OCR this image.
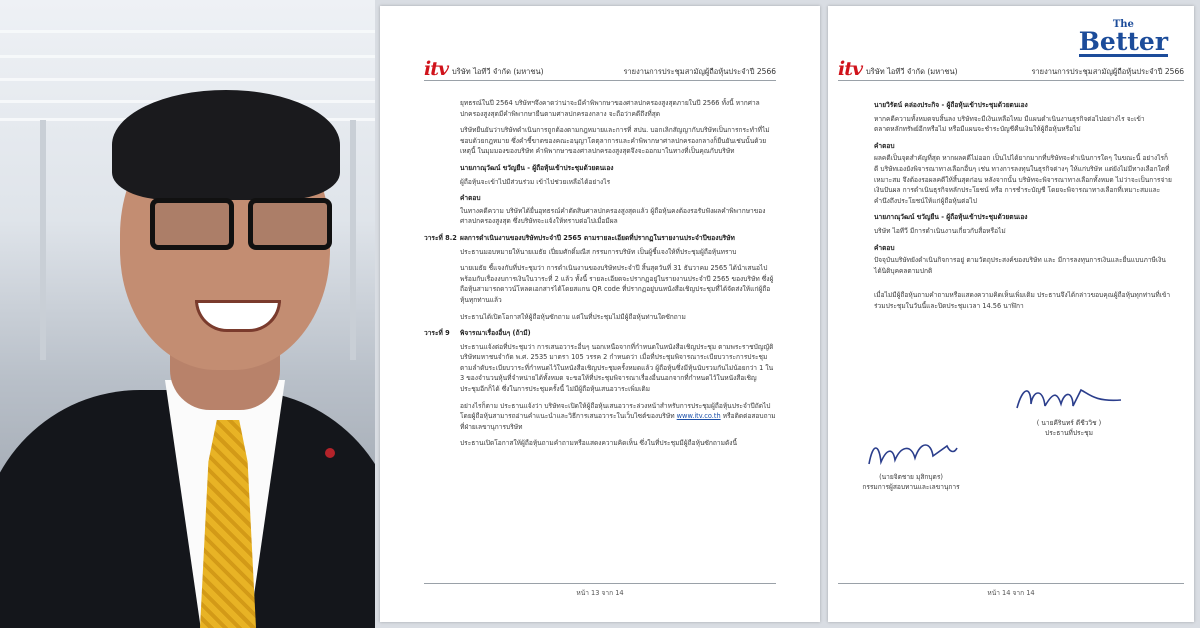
itv บริษัท ไอทีวี จำกัด (มหาชน)	รายงานการประชุมสามัญผู้ถือหุ้นประจำปี 2566

ยุทธรณ์ในปี 2564 บริษัทฯจึงคาดว่าน่าจะมีคำพิพากษาของศาลปกครองสูงสุดภายในปี 2566 ทั้งนี้ หากศาลปกครองสูงสุดมีคำพิพากษายืนตามศาลปกครองกลาง จะถือว่าคดีถึงที่สุด

บริษัทยืนยันว่าบริษัทดำเนินการถูกต้องตามกฎหมายและการที่ สปน. บอกเลิกสัญญากับบริษัทเป็นการกระทำที่ไม่ชอบด้วยกฎหมาย ซึ่งคำชี้ขาดของคณะอนุญาโตตุลาการและคำพิพากษาศาลปกครองกลางก็ยืนยันเช่นนั้นด้วยเหตุนี้ ในมุมมองของบริษัท คำพิพากษาของศาลปกครองสูงสุดจึงจะออกมาในทางที่เป็นคุณกับบริษัท

นายภาณุวัฒน์ ขวัญยืน - ผู้ถือหุ้นเข้าประชุมด้วยตนเอง

ผู้ถือหุ้นจะเข้าไปมีส่วนร่วม เข้าไปช่วยเหลือได้อย่างไร

คำตอบ

ในทางคดีความ บริษัทได้ยื่นอุทธรณ์คำตัดสินศาลปกครองสูงสุดแล้ว ผู้ถือหุ้นคงต้องรอรับฟังผลคำพิพากษาของศาลปกครองสูงสุด ซึ่งบริษัทจะแจ้งให้ทราบต่อไปเมื่อมีผล

วาระที่ 8.2 ผลการดำเนินงานของบริษัทประจำปี 2565 ตามรายละเอียดที่ปรากฏในรายงานประจำปีของบริษัท

ประธานมอบหมายให้นายเมธัย เปี่ยมศักดิ์มณีส กรรมการบริษัท เป็นผู้ชี้แจงให้ที่ประชุมผู้ถือหุ้นทราบ

นายเมธัย ชี้แจงกับที่ประชุมว่า การดำเนินงานของบริษัทประจำปี สิ้นสุดวันที่ 31 ธันวาคม 2565 ได้นำเสนอไปพร้อมกับเรื่องงบการเงินในวาระที่ 2 แล้ว ทั้งนี้ รายละเอียดจะปรากฏอยู่ในรายงานประจำปี 2565 ของบริษัท ซึ่งผู้ถือหุ้นสามารถดาวน์โหลดเอกสารได้โดยสแกน QR code ที่ปรากฏอยู่บนหนังสือเชิญประชุมที่ได้จัดส่งให้แก่ผู้ถือหุ้นทุกท่านแล้ว

ประธานได้เปิดโอกาสให้ผู้ถือหุ้นซักถาม แต่ในที่ประชุมไม่มีผู้ถือหุ้นท่านใดซักถาม

วาระที่ 9	พิจารณาเรื่องอื่นๆ (ถ้ามี)

ประธานแจ้งต่อที่ประชุมว่า การเสนอวาระอื่นๆ นอกเหนือจากที่กำหนดในหนังสือเชิญประชุม ตามพระราชบัญญัติบริษัทมหาชนจำกัด พ.ศ. 2535 มาตรา 105 วรรค 2 กำหนดว่า เมื่อที่ประชุมพิจารณาระเบียบวาระการประชุมตามลำดับระเบียบวาระที่กำหนดไว้ในหนังสือเชิญประชุมครั้งหมดแล้ว ผู้ถือหุ้นซึ่งมีหุ้นนับรวมกันไม่น้อยกว่า 1 ใน 3 ของจำนวนหุ้นที่จำหน่ายได้ทั้งหมด จะขอให้ที่ประชุมพิจารณาเรื่องอื่นนอกจากที่กำหนดไว้ในหนังสือเชิญประชุมอีกก็ได้ ซึ่งในการประชุมครั้งนี้ ไม่มีผู้ถือหุ้นเสนอวาระเพิ่มเติม

อย่างไรก็ตาม ประธานแจ้งว่า บริษัทจะเปิดให้ผู้ถือหุ้นเสนอวาระล่วงหน้าสำหรับการประชุมผู้ถือหุ้นประจำปีถัดไป โดยผู้ถือหุ้นสามารถอ่านคำแนะนำและวิธีการเสนอวาระในเว็บไซต์ของบริษัท www.itv.co.th หรือติดต่อสอบถามที่ฝ่ายเลขานุการบริษัท

ประธานเปิดโอกาสให้ผู้ถือหุ้นถามคำถามหรือแสดงความคิดเห็น ซึ่งในที่ประชุมมีผู้ถือหุ้นซักถามดังนี้

หน้า 13 จาก 14
The
Better
itv บริษัท ไอทีวี จำกัด (มหาชน)	รายงานการประชุมสามัญผู้ถือหุ้นประจำปี 2566
นายวิรัตน์ คล่องประกิจ - ผู้ถือหุ้นเข้าประชุมด้วยตนเอง

หากคดีความทั้งหมดจบสิ้นลง บริษัทจะมีเงินเหลือไหม มีแผนดำเนินงานธุรกิจต่อไปอย่างไร จะเข้าตลาดหลักทรัพย์อีกหรือไม่ หรือมีแผนจะชำระบัญชีคืนเงินให้ผู้ถือหุ้นหรือไม่

คำตอบ

ผลคดีเป็นจุดสำคัญที่สุด หากผลคดีไม่ออก เป็นไปได้ยากมากที่บริษัทจะดำเนินการใดๆ ในขณะนี้ อย่างไรก็ดี บริษัทเองยังพิจารณาทางเลือกอื่นๆ เช่น ทางการลงทุนในธุรกิจต่างๆ ให้แก่บริษัท แต่ยังไม่มีทางเลือกใดที่เหมาะสม จึงต้องรอผลคดีให้สิ้นสุดก่อน หลังจากนั้น บริษัทจะพิจารณาทางเลือกทั้งหมด ไม่ว่าจะเป็นการจ่ายเงินปันผล การดำเนินธุรกิจหลักประโยชน์ หรือ การชำระบัญชี โดยจะพิจารณาทางเลือกที่เหมาะสมและคำนึงถึงประโยชน์ให้แก่ผู้ถือหุ้นต่อไป

นายภาณุวัฒน์ ขวัญยืน - ผู้ถือหุ้นเข้าประชุมด้วยตนเอง

บริษัท ไอทีวี มีการดำเนินงานเกี่ยวกับสื่อหรือไม่

คำตอบ

ปัจจุบันบริษัทยังดำเนินกิจการอยู่ ตามวัตถุประสงค์ของบริษัท และ มีการลงทุนการเงินและยื่นแบบภาษีเงินได้นิติบุคคลตามปกติ

เมื่อไม่มีผู้ถือหุ้นถามคำถามหรือแสดงความคิดเห็นเพิ่มเติม ประธานจึงได้กล่าวขอบคุณผู้ถือหุ้นทุกท่านที่เข้าร่วมประชุมในวันนี้และปิดประชุมเวลา 14.56 นาฬิกา

( นายคีรินทร์ ดีชีววิช )
ประธานที่ประชุม
(นายจิตชาย มุสิกบุตร)
กรรมการผู้สอบทานและเลขานุการ
หน้า 14 จาก 14
